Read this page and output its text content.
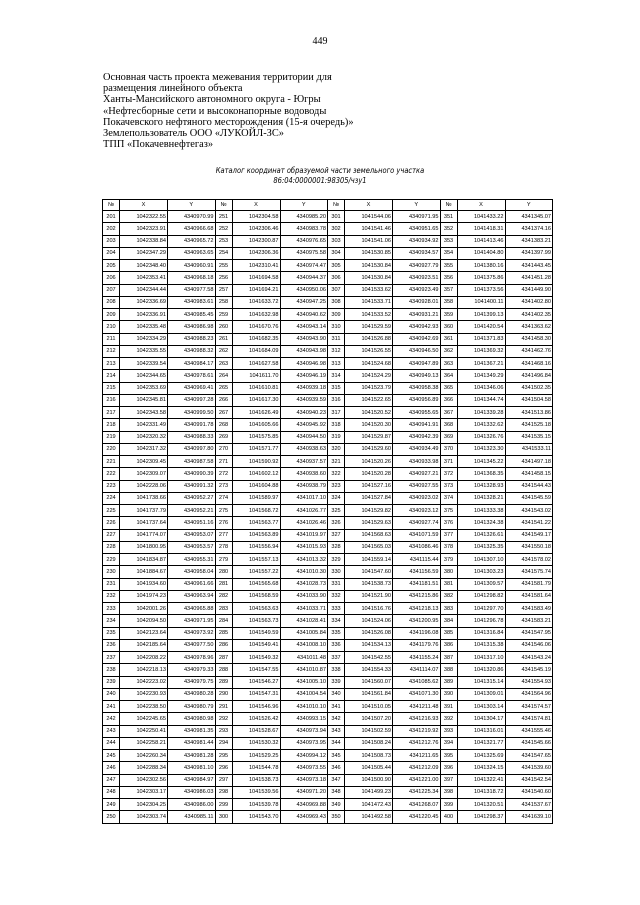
449
Основная часть проекта межевания территории для
размещения линейного объекта
Ханты-Мансийского автономного округа - Югры
«Нефтесборные сети и высоконапорные водоводы
Покачевского нефтяного месторождения (15-я очередь)»
Землепользователь ООО «ЛУКОЙЛ-ЗС»
ТПП «Покачевнефтегаз»
Каталог координат образуемой части земельного участка
86:04:0000001:98305/чзу1
№	X	Y	№	X	Y	№	X	Y	№	X	Y
201	1042322.55	4340970.99	251	1042304.58	4340985.20	301	1041544.06	4340971.95	351	1041433.22	4341345.07
202	1042323.91	4340966.68	252	1042306.46	4340983.78	302	1041541.46	4340951.65	352	1041418.31	4341374.16
203	1042338.84	4340965.72	253	1042300.87	4340976.65	303	1041541.06	4340934.92	353	1041413.46	4341383.21
204	1042347.29	4340963.65	254	1042306.36	4340975.58	304	1041530.85	4340934.57	354	1041404.80	4341397.99
205	1042348.40	4340960.91	255	1042310.41	4340974.47	305	1041530.84	4340927.79	355	1041380.16	4341443.45
206	1042353.41	4340968.18	256	1041694.58	4340944.37	306	1041530.84	4340923.51	356	1041375.86	4341451.28
207	1042344.44	4340977.58	257	1041694.21	4340950.06	307	1041533.62	4340923.49	357	1041373.56	4341449.90
208	1042336.69	4340983.61	258	1041633.72	4340947.25	308	1041533.71	4340928.01	358	1041400.11	4341402.80
209	1042336.91	4340985.45	259	1041632.98	4340940.62	309	1041533.52	4340931.21	359	1041399.13	4341402.35
210	1042335.48	4340986.98	260	1041670.76	4340943.14	310	1041529.59	4340942.93	360	1041420.54	4341363.62
211	1042334.29	4340988.23	261	1041682.35	4340943.90	311	1041526.88	4340942.69	361	1041371.83	4341458.30
212	1042335.55	4340988.32	262	1041684.09	4340943.98	312	1041526.55	4340946.50	362	1041369.32	4341462.76
213	1042339.54	4340984.17	263	1041627.58	4340946.98	313	1041524.68	4340947.89	363	1041367.21	4341468.16
214	1042344.65	4340978.61	264	1041611.70	4340946.19	314	1041524.29	4340949.13	364	1041349.29	4341496.84
215	1042353.69	4340969.41	265	1041610.81	4340939.18	315	1041523.79	4340958.38	365	1041346.06	4341502.35
216	1042345.81	4340997.28	266	1041617.30	4340939.59	316	1041522.65	4340956.89	366	1041344.74	4341504.58
217	1042343.58	4340999.50	267	1041626.49	4340940.23	317	1041520.52	4340955.65	367	1041339.28	4341513.86
218	1042331.49	4340991.78	268	1041605.66	4340945.92	318	1041520.30	4340941.91	368	1041332.62	4341525.18
219	1042320.32	4340988.33	269	1041575.85	4340944.50	319	1041529.87	4340942.39	369	1041326.76	4341535.15
220	1042317.32	4340997.80	270	1041571.77	4340938.63	320	1041529.60	4340934.49	370	1041323.30	4341533.11
221	1042309.45	4340987.58	271	1041590.92	4340937.57	321	1041520.26	4340933.98	371	1041345.22	4341497.18
222	1042309.07	4340990.39	272	1041602.12	4340938.60	322	1041520.28	4340927.21	372	1041368.35	4341458.15
223	1042228.06	4340991.32	273	1041604.88	4340938.79	323	1041527.16	4340927.55	373	1041328.93	4341544.43
224	1041738.66	4340952.27	274	1041589.97	4341017.10	324	1041527.84	4340923.02	374	1041328.21	4341545.59
225	1041737.79	4340952.21	275	1041568.72	4341026.77	325	1041529.82	4340923.12	375	1041333.38	4341543.02
226	1041737.64	4340951.16	276	1041563.77	4341026.46	326	1041529.63	4340927.74	376	1041324.38	4341541.22
227	1041774.07	4340953.07	277	1041563.89	4341019.97	327	1041568.63	4341071.59	377	1041326.61	4341549.17
228	1041800.95	4340953.57	278	1041556.94	4341015.93	328	1041565.03	4341086.46	378	1041325.35	4341550.18
229	1041834.87	4340955.31	279	1041557.13	4341013.32	329	1041559.14	4341115.44	379	1041307.10	4341578.02
230	1041884.67	4340958.04	280	1041557.22	4341010.30	330	1041547.60	4341156.59	380	1041303.23	4341575.74
231	1041934.60	4340961.66	281	1041565.68	4341028.73	331	1041538.73	4341181.51	381	1041309.57	4341581.79
232	1041974.23	4340963.94	282	1041568.59	4341033.90	332	1041521.90	4341215.86	382	1041298.82	4341581.64
233	1042001.26	4340965.88	283	1041563.63	4341033.71	333	1041516.76	4341218.13	383	1041297.70	4341583.49
234	1042094.50	4340971.95	284	1041563.73	4341028.41	334	1041524.06	4341200.95	384	1041296.78	4341583.21
235	1042123.64	4340973.92	285	1041549.59	4341005.84	335	1041526.08	4341196.08	385	1041316.84	4341547.95
236	1042185.64	4340977.50	286	1041549.41	4341008.10	336	1041534.13	4341179.76	386	1041315.38	4341546.06
237	1042208.22	4340978.96	287	1041549.32	4341011.48	337	1041542.55	4341155.24	387	1041317.10	4341543.24
238	1042218.13	4340979.33	288	1041547.55	4341010.87	338	1041554.33	4341114.07	388	1041320.86	4341545.19
239	1042223.02	4340979.75	289	1041546.27	4341005.10	339	1041560.07	4341085.62	389	1041315.14	4341554.93
240	1042230.93	4340980.28	290	1041547.31	4341004.54	340	1041561.84	4341071.30	390	1041309.01	4341564.96
241	1042238.50	4340980.79	291	1041546.96	4341010.10	341	1041510.05	4341211.48	391	1041303.14	4341574.57
242	1042245.65	4340980.98	292	1041526.42	4340993.15	342	1041507.20	4341216.93	392	1041304.17	4341574.81
243	1042250.41	4340981.35	293	1041528.67	4340973.94	343	1041502.59	4341219.92	393	1041316.01	4341555.46
244	1042258.21	4340981.44	294	1041530.32	4340973.95	344	1041508.24	4341212.76	394	1041321.77	4341545.66
245	1042260.34	4340981.28	295	1041529.25	4340994.12	345	1041508.73	4341211.65	395	1041325.69	4341547.65
246	1042288.34	4340981.10	296	1041544.78	4340973.55	346	1041505.44	4341212.09	396	1041324.15	4341539.60
247	1042302.56	4340984.97	297	1041538.73	4340973.18	347	1041500.90	4341221.00	397	1041322.41	4341542.54
248	1042303.17	4340986.03	298	1041539.56	4340971.20	348	1041499.23	4341225.34	398	1041318.72	4341540.60
249	1042304.25	4340986.00	299	1041539.78	4340969.88	349	1041472.43	4341268.07	399	1041320.51	4341537.67
250	1042303.74	4340985.11	300	1041543.70	4340969.43	350	1041492.58	4341220.45	400	1041298.37	4341639.10
